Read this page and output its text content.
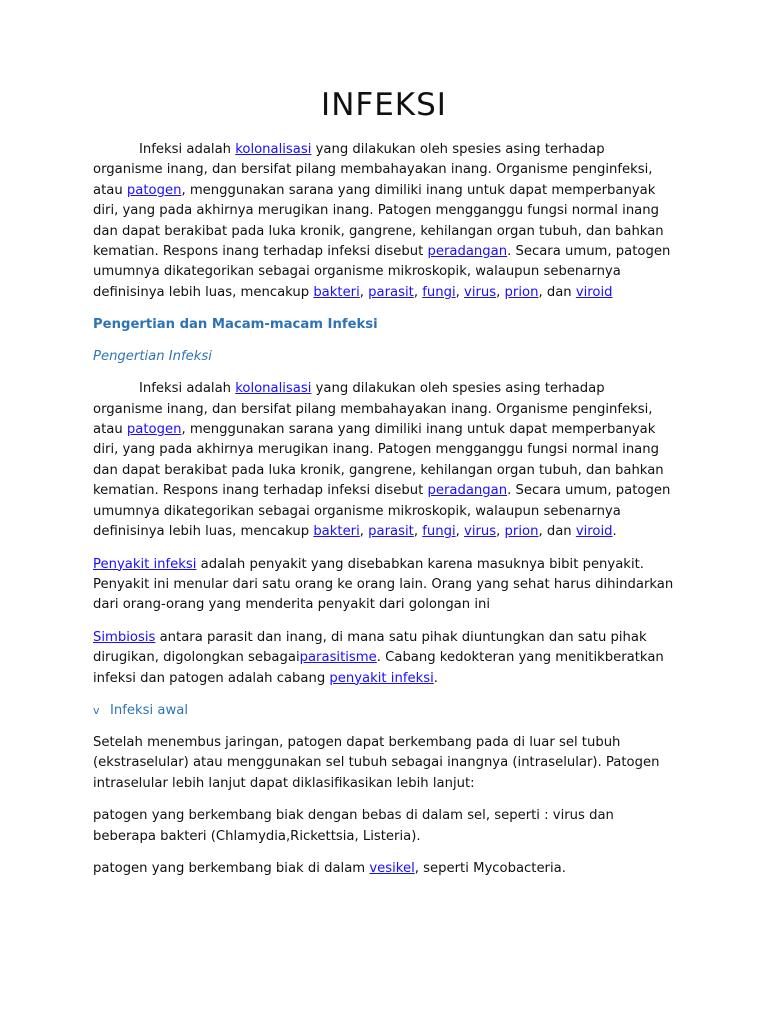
INFEKSI

Infeksi adalah kolonalisasi yang dilakukan oleh spesies asing terhadap organisme inang, dan bersifat pilang membahayakan inang. Organisme penginfeksi, atau patogen, menggunakan sarana yang dimiliki inang untuk dapat memperbanyak diri, yang pada akhirnya merugikan inang. Patogen mengganggu fungsi normal inang dan dapat berakibat pada luka kronik, gangrene, kehilangan organ tubuh, dan bahkan kematian. Respons inang terhadap infeksi disebut peradangan. Secara umum, patogen umumnya dikategorikan sebagai organisme mikroskopik, walaupun sebenarnya definisinya lebih luas, mencakup bakteri, parasit, fungi, virus, prion, dan viroid

Pengertian dan Macam-macam Infeksi
Pengertian Infeksi

Infeksi adalah kolonalisasi yang dilakukan oleh spesies asing terhadap organisme inang, dan bersifat pilang membahayakan inang. Organisme penginfeksi, atau patogen, menggunakan sarana yang dimiliki inang untuk dapat memperbanyak diri, yang pada akhirnya merugikan inang. Patogen mengganggu fungsi normal inang dan dapat berakibat pada luka kronik, gangrene, kehilangan organ tubuh, dan bahkan kematian. Respons inang terhadap infeksi disebut peradangan. Secara umum, patogen umumnya dikategorikan sebagai organisme mikroskopik, walaupun sebenarnya definisinya lebih luas, mencakup bakteri, parasit, fungi, virus, prion, dan viroid.

Penyakit infeksi adalah penyakit yang disebabkan karena masuknya bibit penyakit. Penyakit ini menular dari satu orang ke orang lain. Orang yang sehat harus dihindarkan dari orang-orang yang menderita penyakit dari golongan ini

Simbiosis antara parasit dan inang, di mana satu pihak diuntungkan dan satu pihak dirugikan, digolongkan sebagaiparasitisme. Cabang kedokteran yang menitikberatkan infeksi dan patogen adalah cabang penyakit infeksi.

v Infeksi awal

Setelah menembus jaringan, patogen dapat berkembang pada di luar sel tubuh (ekstraselular) atau menggunakan sel tubuh sebagai inangnya (intraselular). Patogen intraselular lebih lanjut dapat diklasifikasikan lebih lanjut:

patogen yang berkembang biak dengan bebas di dalam sel, seperti : virus dan beberapa bakteri (Chlamydia,Rickettsia, Listeria).

patogen yang berkembang biak di dalam vesikel, seperti Mycobacteria.
